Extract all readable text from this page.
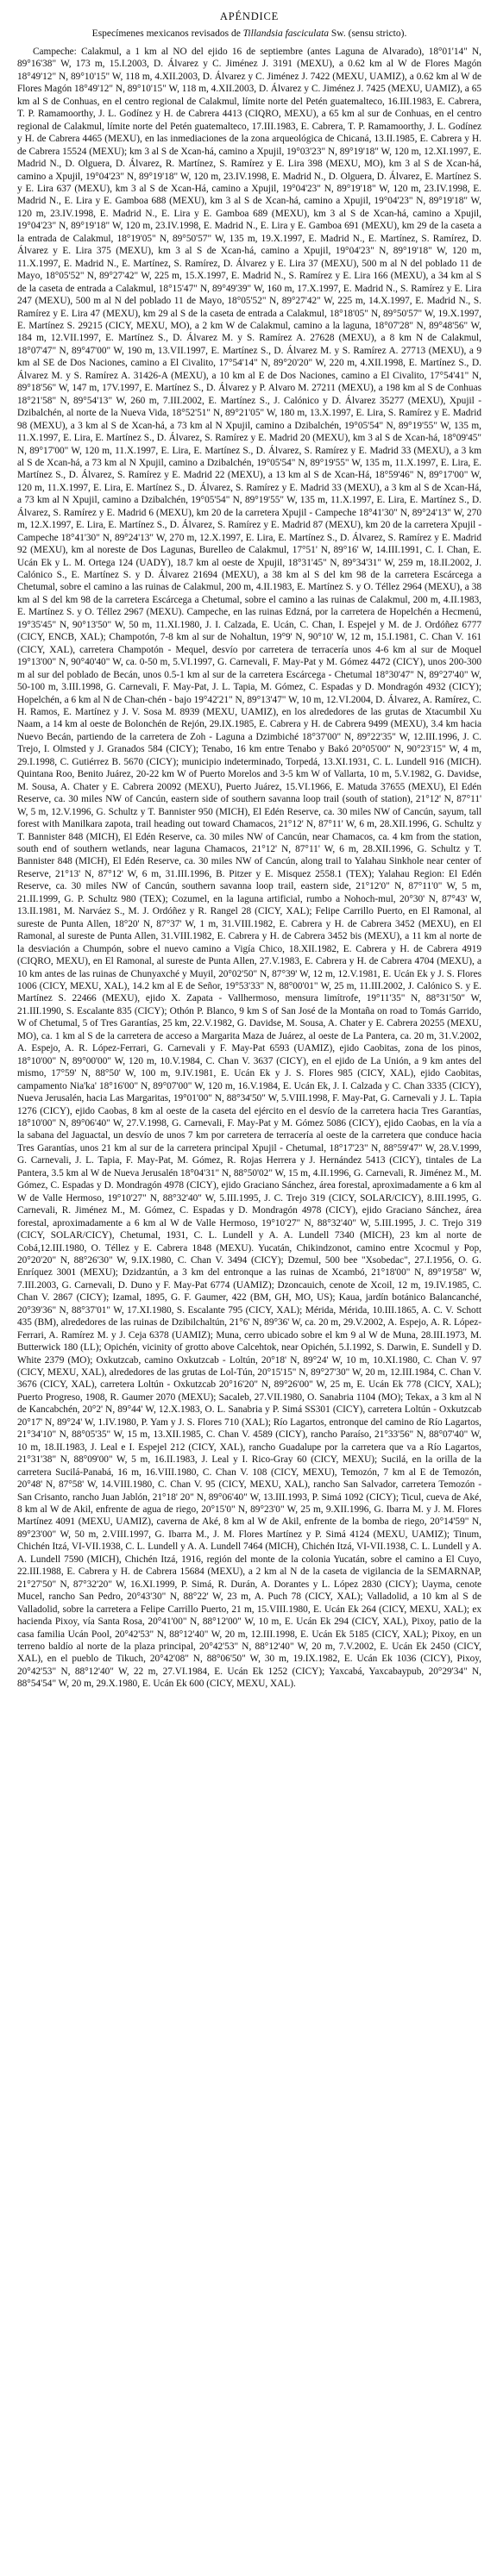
APÉNDICE
Especímenes mexicanos revisados de Tillandsia fasciculata Sw. (sensu stricto).

Campeche: Calakmul, a 1 km al NO del ejido 16 de septiembre (antes Laguna de Alvarado), 18°01'14" N, 89°16'38" W, 173 m, 15.I.2003, D. Álvarez y C. Jiménez J. 3191 (MEXU), a 0.62 km al W de Flores Magón 18°49'12" N, 89°10'15" W, 118 m, 4.XII.2003, D. Álvarez y C. Jiménez J. 7422 (MEXU, UAMIZ), a 0.62 km al W de Flores Magón 18°49'12" N, 89°10'15" W, 118 m, 4.XII.2003, D. Álvarez y C. Jiménez J. 7425 (MEXU, UAMIZ), a 65 km al S de Conhuas, en el centro regional de Calakmul, límite norte del Petén guatemalteco, 16.III.1983, E. Cabrera, T. P. Ramamoorthy, J. L. Godínez y H. de Cabrera 4413 (CIQRO, MEXU), a 65 km al sur de Conhuas, en el centro regional de Calakmul, límite norte del Petén guatemalteco, 17.III.1983, E. Cabrera, T. P. Ramamoorthy, J. L. Godínez y H. de Cabrera 4465 (MEXU), en las inmediaciones de la zona arqueológica de Chicaná, 13.II.1985, E. Cabrera y H. de Cabrera 15524 (MEXU); km 3 al S de Xcan-há, camino a Xpujil, 19°03'23" N, 89°19'18" W, 120 m, 12.XI.1997, E. Madrid N., D. Olguera, D. Álvarez, R. Martínez, S. Ramírez y E. Lira 398 (MEXU, MO), km 3 al S de Xcan-há, camino a Xpujil, 19°04'23" N, 89°19'18" W, 120 m, 23.IV.1998, E. Madrid N., D. Olguera, D. Álvarez, E. Martínez S. y E. Lira 637 (MEXU), km 3 al S de Xcan-Há, camino a Xpujil, 19°04'23" N, 89°19'18" W, 120 m, 23.IV.1998, E. Madrid N., E. Lira y E. Gamboa 688 (MEXU), km 3 al S de Xcan-há, camino a Xpujil, 19°04'23" N, 89°19'18" W, 120 m, 23.IV.1998, E. Madrid N., E. Lira y E. Gamboa 689 (MEXU), km 3 al S de Xcan-há, camino a Xpujil, 19°04'23" N, 89°19'18" W, 120 m, 23.IV.1998, E. Madrid N., E. Lira y E. Gamboa 691 (MEXU), km 29 de la caseta a la entrada de Calakmul, 18°19'05" N, 89°50'57" W, 135 m, 19.X.1997, E. Madrid N., E. Martínez, S. Ramírez, D. Álvarez y E. Lira 375 (MEXU), km 3 al S de Xcan-há, camino a Xpujil, 19°04'23" N, 89°19'18" W, 120 m, 11.X.1997, E. Madrid N., E. Martínez, S. Ramírez, D. Álvarez y E. Lira 37 (MEXU), 500 m al N del poblado 11 de Mayo, 18°05'52" N, 89°27'42" W, 225 m, 15.X.1997, E. Madrid N., S. Ramírez y E. Lira 166 (MEXU), a 34 km al S de la caseta de entrada a Calakmul, 18°15'47" N, 89°49'39" W, 160 m, 17.X.1997, E. Madrid N., S. Ramírez y E. Lira 247 (MEXU), 500 m al N del poblado 11 de Mayo, 18°05'52" N, 89°27'42" W, 225 m, 14.X.1997, E. Madrid N., S. Ramírez y E. Lira 47 (MEXU), km 29 al S de la caseta de entrada a Calakmul, 18°18'05" N, 89°50'57" W, 19.X.1997, E. Martínez S. 29215 (CICY, MEXU, MO), a 2 km W de Calakmul, camino a la laguna, 18°07'28" N, 89°48'56" W, 184 m, 12.VII.1997, E. Martínez S., D. Álvarez M. y S. Ramírez A. 27628 (MEXU), a 8 km N de Calakmul, 18°07'47" N, 89°47'00" W, 190 m, 13.VII.1997, E. Martínez S., D. Álvarez M. y S. Ramírez A. 27713 (MEXU), a 9 km al SE de Dos Naciones, camino a El Civalito, 17°54'14" N, 89°20'20" W, 220 m, 4.XII.1998, E. Martínez S., D. Álvarez M. y S. Ramírez A. 31426-A (MEXU), a 10 km al E de Dos Naciones, camino a El Civalito, 17°54'41" N, 89°18'56" W, 147 m, 17V.1997, E. Martínez S., D. Álvarez y P. Alvaro M. 27211 (MEXU), a 198 km al S de Conhuas 18°21'58" N, 89°54'13" W, 260 m, 7.III.2002, E. Martínez S., J. Calónico y D. Álvarez 35277 (MEXU), Xpujil - Dzibalchén, al norte de la Nueva Vida, 18°52'51" N, 89°21'05" W, 180 m, 13.X.1997, E. Lira, S. Ramírez y E. Madrid 98 (MEXU), a 3 km al S de Xcan-há, a 73 km al N Xpujil, camino a Dzibalchén, 19°05'54" N, 89°19'55" W, 135 m, 11.X.1997, E. Lira, E. Martínez S., D. Álvarez, S. Ramírez y E. Madrid 20 (MEXU), km 3 al S de Xcan-há, 18°09'45" N, 89°17'00" W, 120 m, 11.X.1997, E. Lira, E. Martínez S., D. Álvarez, S. Ramírez y E. Madrid 33 (MEXU), a 3 km al S de Xcan-há, a 73 km al N Xpujil, camino a Dzibalchén, 19°05'54" N, 89°19'55" W, 135 m, 11.X.1997, E. Lira, E. Martínez S., D. Álvarez, S. Ramírez y E. Madrid 22 (MEXU), a 13 km al S de Xcan-Há, 18°59'46" N, 89°17'00" W, 120 m, 11.X.1997, E. Lira, E. Martínez S., D. Álvarez, S. Ramírez y E. Madrid 33 (MEXU), a 3 km al S de Xcan-Há, a 73 km al N Xpujil, camino a Dzibalchén, 19°05'54" N, 89°19'55" W, 135 m, 11.X.1997, E. Lira, E. Martínez S., D. Álvarez, S. Ramírez y E. Madrid 6 (MEXU), km 20 de la carretera Xpujil - Campeche 18°41'30" N, 89°24'13" W, 270 m, 12.X.1997, E. Lira, E. Martínez S., D. Álvarez, S. Ramírez y E. Madrid 87 (MEXU), km 20 de la carretera Xpujil - Campeche 18°41'30" N, 89°24'13" W, 270 m, 12.X.1997, E. Lira, E. Martínez S., D. Álvarez, S. Ramírez y E. Madrid 92 (MEXU), km al noreste de Dos Lagunas, Burelleo de Calakmul, 17°51' N, 89°16' W, 14.III.1991, C. I. Chan, E. Ucán Ek y L. M. Ortega 124 (UADY), 18.7 km al oeste de Xpujil, 18°31'45" N, 89°34'31" W, 259 m, 18.II.2002, J. Calónico S., E. Martínez S. y D. Álvarez 21694 (MEXU), a 38 km al S del km 98 de la carretera Escárcega a Chetumal, sobre el camino a las ruinas de Calakmul, 200 m, 4.II.1983, E. Martínez S. y O. Téllez 2964 (MEXU), a 38 km al S del km 98 de la carretera Escárcega a Chetumal, sobre el camino a las ruinas de Calakmul, 200 m, 4.II.1983, E. Martínez S. y O. Téllez 2967 (MEXU). Campeche, en las ruinas Edzná, por la carretera de Hopelchén a Hecmenú, 19°35'45" N, 90°13'50" W, 50 m, 11.XI.1980, J. I. Calzada, E. Ucán, C. Chan, I. Espejel y M. de J. Ordóñez 6777 (CICY, ENCB, XAL); Champotón, 7-8 km al sur de Nohaltun, 19°9' N, 90°10' W, 12 m, 15.I.1981, C. Chan V. 161 (CICY, XAL), carretera Champotón - Mequel, desvío por carretera de terracería unos 4-6 km al sur de Moquel 19°13'00" N, 90°40'40" W, ca. 0-50 m, 5.VI.1997, G. Carnevali, F. May-Pat y M. Gómez 4472 (CICY), unos 200-300 m al sur del poblado de Becán, unos 0.5-1 km al sur de la carretera Escárcega - Chetumal 18°30'47" N, 89°27'40" W, 50-100 m, 3.III.1998, G. Carnevali, F. May-Pat, J. L. Tapia, M. Gómez, C. Espadas y D. Mondragón 4932 (CICY); Hopelchén, a 6 km al N de Chan-chén - bajo 19°42'21" N, 89°13'47" W, 10 m, 12.VI.2004, D. Álvarez, A. Ramírez, C. H. Ramos, E. Martínez y J. V. Sosa M. 8939 (MEXU, UAMIZ), en los alrededores de las grutas de Xtacumbil Xu Naam, a 14 km al oeste de Bolonchén de Rejón, 29.IX.1985, E. Cabrera y H. de Cabrera 9499 (MEXU), 3.4 km hacia Nuevo Becán, partiendo de la carretera de Zoh - Laguna a Dzimbiché 18°37'00" N, 89°22'35" W, 12.III.1996, J. C. Trejo, I. Olmsted y J. Granados 584 (CICY); Tenabo, 16 km entre Tenabo y Bakó 20°05'00" N, 90°23'15" W, 4 m, 29.I.1998, C. Gutiérrez B. 5670 (CICY); municipio indeterminado, Torpedá, 13.XI.1931, C. L. Lundell 916 (MICH). Quintana Roo, Benito Juárez, 20-22 km W of Puerto Morelos and 3-5 km W of Vallarta, 10 m, 5.V.1982, G. Davidse, M. Sousa, A. Chater y E. Cabrera 20092 (MEXU), Puerto Juárez, 15.VI.1966, E. Matuda 37655 (MEXU), El Edén Reserve, ca. 30 miles NW of Cancún, eastern side of southern savanna loop trail (south of station), 21°12' N, 87°11' W, 5 m, 12.V.1996, G. Schultz y T. Bannister 950 (MICH), El Edén Reserve, ca. 30 miles NW of Cancún, sayum, tall forest with Manilkara zapota, trail heading out toward Chamacos, 21°12' N, 87°11' W, 6 m, 28.XII.1996, G. Schultz y T. Bannister 848 (MICH), El Edén Reserve, ca. 30 miles NW of Cancún, near Chamacos, ca. 4 km from the station, south end of southern wetlands, near laguna Chamacos, 21°12' N, 87°11' W, 6 m, 28.XII.1996, G. Schultz y T. Bannister 848 (MICH), El Edén Reserve, ca. 30 miles NW of Cancún, along trail to Yalahau Sinkhole near center of Reserve, 21°13' N, 87°12' W, 6 m, 31.III.1996, B. Pitzer y E. Misquez 2558.1 (TEX); Yalahau Region: El Edén Reserve, ca. 30 miles NW of Cancún, southern savanna loop trail, eastern side, 21°12'0" N, 87°11'0" W, 5 m, 21.II.1999, G. P. Schultz 980 (TEX); Cozumel, en la laguna artificial, rumbo a Nohoch-mul, 20°30' N, 87°43' W, 13.II.1981, M. Narváez S., M. J. Ordóñez y R. Rangel 28 (CICY, XAL); Felipe Carrillo Puerto, en El Ramonal, al sureste de Punta Allen, 18°20' N, 87°37' W, 1 m, 31.VIII.1982, E. Cabrera y H. de Cabrera 3452 (MEXU), en El Ramonal, al sureste de Punta Allen, 31.VIII.1982, E. Cabrera y H. de Cabrera 3452 bis (MEXU), a 11 km al norte de la desviación a Chumpón, sobre el nuevo camino a Vigía Chico, 18.XII.1982, E. Cabrera y H. de Cabrera 4919 (CIQRO, MEXU), en El Ramonal, al sureste de Punta Allen, 27.V.1983, E. Cabrera y H. de Cabrera 4704 (MEXU), a 10 km antes de las ruinas de Chunyaxché y Muyil, 20°02'50" N, 87°39' W, 12 m, 12.V.1981, E. Ucán Ek y J. S. Flores 1006 (CICY, MEXU, XAL), 14.2 km al E de Señor, 19°53'33" N, 88°00'01" W, 25 m, 11.III.2002, J. Calónico S. y E. Martínez S. 22466 (MEXU), ejido X. Zapata - Vallhermoso, mensura limítrofe, 19°11'35" N, 88°31'50" W, 21.III.1990, S. Escalante 835 (CICY); Othón P. Blanco, 9 km S of San José de la Montaña on road to Tomás Garrido, W of Chetumal, 5 of Tres Garantías, 25 km, 22.V.1982, G. Davidse, M. Sousa, A. Chater y E. Cabrera 20255 (MEXU, MO), ca. 1 km al S de la carretera de acceso a Margarita Maza de Juárez, al oeste de La Pantera, ca. 20 m, 31.V.2002, A. Espejo, A. R. López-Ferrari, G. Carnevali y F. May-Pat 6593 (UAMIZ), ejido Caobitas, zona de los pinos, 18°10'00" N, 89°00'00" W, 120 m, 10.V.1984, C. Chan V. 3637 (CICY), en el ejido de La Unión, a 9 km antes del mismo, 17°59' N, 88°50' W, 100 m, 9.IV.1981, E. Ucán Ek y J. S. Flores 985 (CICY, XAL), ejido Caobitas, campamento Nia'ka' 18°16'00" N, 89°07'00" W, 120 m, 16.V.1984, E. Ucán Ek, J. I. Calzada y C. Chan 3335 (CICY), Nueva Jerusalén, hacia Las Margaritas, 19°01'00" N, 88°34'50" W, 5.VIII.1998, F. May-Pat, G. Carnevali y J. L. Tapia 1276 (CICY), ejido Caobas, 8 km al oeste de la caseta del ejército en el desvío de la carretera hacia Tres Garantías, 18°10'00" N, 89°06'40" W, 27.V.1998, G. Carnevali, F. May-Pat y M. Gómez 5086 (CICY), ejido Caobas, en la vía a la sabana del Jaguactal, un desvío de unos 7 km por carretera de terracería al oeste de la carretera que conduce hacia Tres Garantías, unos 21 km al sur de la carretera principal Xpujil - Chetumal, 18°17'23" N, 88°59'47" W, 28.V.1999, G. Carnevali, J. L. Tapia, F. May-Pat, M. Gómez, R. Rojas Herrera y J. Hernández 5413 (CICY), tintales de La Pantera, 3.5 km al W de Nueva Jerusalén 18°04'31" N, 88°50'02" W, 15 m, 4.II.1996, G. Carnevali, R. Jiménez M., M. Gómez, C. Espadas y D. Mondragón 4978 (CICY), ejido Graciano Sánchez, área forestal, aproximadamente a 6 km al W de Valle Hermoso, 19°10'27" N, 88°32'40" W, 5.III.1995, J. C. Trejo 319 (CICY, SOLAR/CICY), 8.III.1995, G. Carnevali, R. Jiménez M., M. Gómez, C. Espadas y D. Mondragón 4978 (CICY), ejido Graciano Sánchez, área forestal, aproximadamente a 6 km al W de Valle Hermoso, 19°10'27" N, 88°32'40" W, 5.III.1995, J. C. Trejo 319 (CICY, SOLAR/CICY), Chetumal, 1931, C. L. Lundell y A. A. Lundell 7340 (MICH), 23 km al norte de Cobá,12.III.1980, O. Téllez y E. Cabrera 1848 (MEXU). Yucatán, Chikindzonot, camino entre Xcocmul y Pop, 20°20'20" N, 88°26'30" W, 9.IX.1980, C. Chan V. 3494 (CICY); Dzemul, 500 bee "Xsobedac", 27.I.1956, O. G. Enríquez 3001 (MEXU); Dzidzantún, a 3 km del entronque a las ruinas de Xcambó, 21°18'00" N, 89°19'58" W, 7.III.2003, G. Carnevali, D. Duno y F. May-Pat 6774 (UAMIZ); Dzoncauich, cenote de Xcoil, 12 m, 19.IV.1985, C. Chan V. 2867 (CICY); Izamal, 1895, G. F. Gaumer, 422 (BM, GH, MO, US); Kaua, jardín botánico Balancanché, 20°39'36" N, 88°37'01" W, 17.XI.1980, S. Escalante 795 (CICY, XAL); Mérida, Mérida, 10.III.1865, A. C. V. Schott 435 (BM), alrededores de las ruinas de Dzibilchaltún, 21°6' N, 89°36' W, ca. 20 m, 29.V.2002, A. Espejo, A. R. López-Ferrari, A. Ramírez M. y J. Ceja 6378 (UAMIZ); Muna, cerro ubicado sobre el km 9 al W de Muna, 28.III.1973, M. Butterwick 180 (LL); Opichén, vicinity of grotto above Calcehtok, near Opichén, 5.I.1992, S. Darwin, E. Sundell y D. White 2379 (MO); Oxkutzcab, camino Oxkutzcab - Loltún, 20°18' N, 89°24' W, 10 m, 10.XI.1980, C. Chan V. 97 (CICY, MEXU, XAL), alrededores de las grutas de Lol-Tún, 20°15'15" N, 89°27'30" W, 20 m, 12.III.1984, C. Chan V. 3676 (CICY, XAL), carretera Loltún - Oxkutzcab 20°16'20" N, 89°26'00" W, 25 m, E. Ucán Ek 778 (CICY, XAL); Puerto Progreso, 1908, R. Gaumer 2070 (MEXU); Sacaleb, 27.VII.1980, O. Sanabria 1104 (MO); Tekax, a 3 km al N de Kancabchén, 20°2' N, 89°44' W, 12.X.1983, O. L. Sanabria y P. Simá SS301 (CICY), carretera Loltún - Oxkutzcab 20°17' N, 89°24' W, 1.IV.1980, P. Yam y J. S. Flores 710 (XAL); Río Lagartos, entronque del camino de Río Lagartos, 21°34'10" N, 88°05'35" W, 15 m, 13.XII.1985, C. Chan V. 4589 (CICY), rancho Paraíso, 21°33'56" N, 88°07'40" W, 10 m, 18.II.1983, J. Leal e I. Espejel 212 (CICY, XAL), rancho Guadalupe por la carretera que va a Río Lagartos, 21°31'38" N, 88°09'00" W, 5 m, 16.II.1983, J. Leal y I. Rico-Gray 60 (CICY, MEXU); Sucilá, en la orilla de la carretera Sucilá-Panabá, 16 m, 16.VIII.1980, C. Chan V. 108 (CICY, MEXU), Temozón, 7 km al E de Temozón, 20°48' N, 87°58' W, 14.VIII.1980, C. Chan V. 95 (CICY, MEXU, XAL), rancho San Salvador, carretera Temozón - San Crisanto, rancho Juan Jablón, 21°18' 20" N, 89°06'40" W, 13.III.1993, P. Simá 1092 (CICY); Ticul, cueva de Aké, 8 km al W de Akil, enfrente de agua de riego, 20°15'0" N, 89°23'0" W, 25 m, 9.XII.1996, G. Ibarra M. y J. M. Flores Martínez 4091 (MEXU, UAMIZ), caverna de Aké, 8 km al W de Akil, enfrente de la bomba de riego, 20°14'59" N, 89°23'00" W, 50 m, 2.VIII.1997, G. Ibarra M., J. M. Flores Martínez y P. Simá 4124 (MEXU, UAMIZ); Tinum, Chichén Itzá, VI-VII.1938, C. L. Lundell y A. A. Lundell 7464 (MICH), Chichén Itzá, VI-VII.1938, C. L. Lundell y A. A. Lundell 7590 (MICH), Chichén Itzá, 1916, región del monte de la colonia Yucatán, sobre el camino a El Cuyo, 22.III.1988, E. Cabrera y H. de Cabrera 15684 (MEXU), a 2 km al N de la caseta de vigilancia de la SEMARNAP, 21°27'50" N, 87°32'20" W, 16.XI.1999, P. Simá, R. Durán, A. Dorantes y L. López 2830 (CICY); Uayma, cenote Mucel, rancho San Pedro, 20°43'30" N, 88°22' W, 23 m, A. Puch 78 (CICY, XAL); Valladolid, a 10 km al S de Valladolid, sobre la carretera a Felipe Carrillo Puerto, 21 m, 15.VIII.1980, E. Ucán Ek 264 (CICY, MEXU, XAL); ex hacienda Pixoy, vía Santa Rosa, 20°41'00" N, 88°12'00" W, 10 m, E. Ucán Ek 294 (CICY, XAL), Pixoy, patio de la casa familia Ucán Pool, 20°42'53" N, 88°12'40" W, 20 m, 12.III.1998, E. Ucán Ek 5185 (CICY, XAL); Pixoy, en un terreno baldío al norte de la plaza principal, 20°42'53" N, 88°12'40" W, 20 m, 7.V.2002, E. Ucán Ek 2450 (CICY, XAL), en el pueblo de Tikuch, 20°42'08" N, 88°06'50" W, 30 m, 19.IX.1982, E. Ucán Ek 1036 (CICY), Pixoy, 20°42'53" N, 88°12'40" W, 22 m, 27.VI.1984, E. Ucán Ek 1252 (CICY); Yaxcabá, Yaxcabaypub, 20°29'34" N, 88°54'54" W, 20 m, 29.X.1980, E. Ucán Ek 600 (CICY, MEXU, XAL).
